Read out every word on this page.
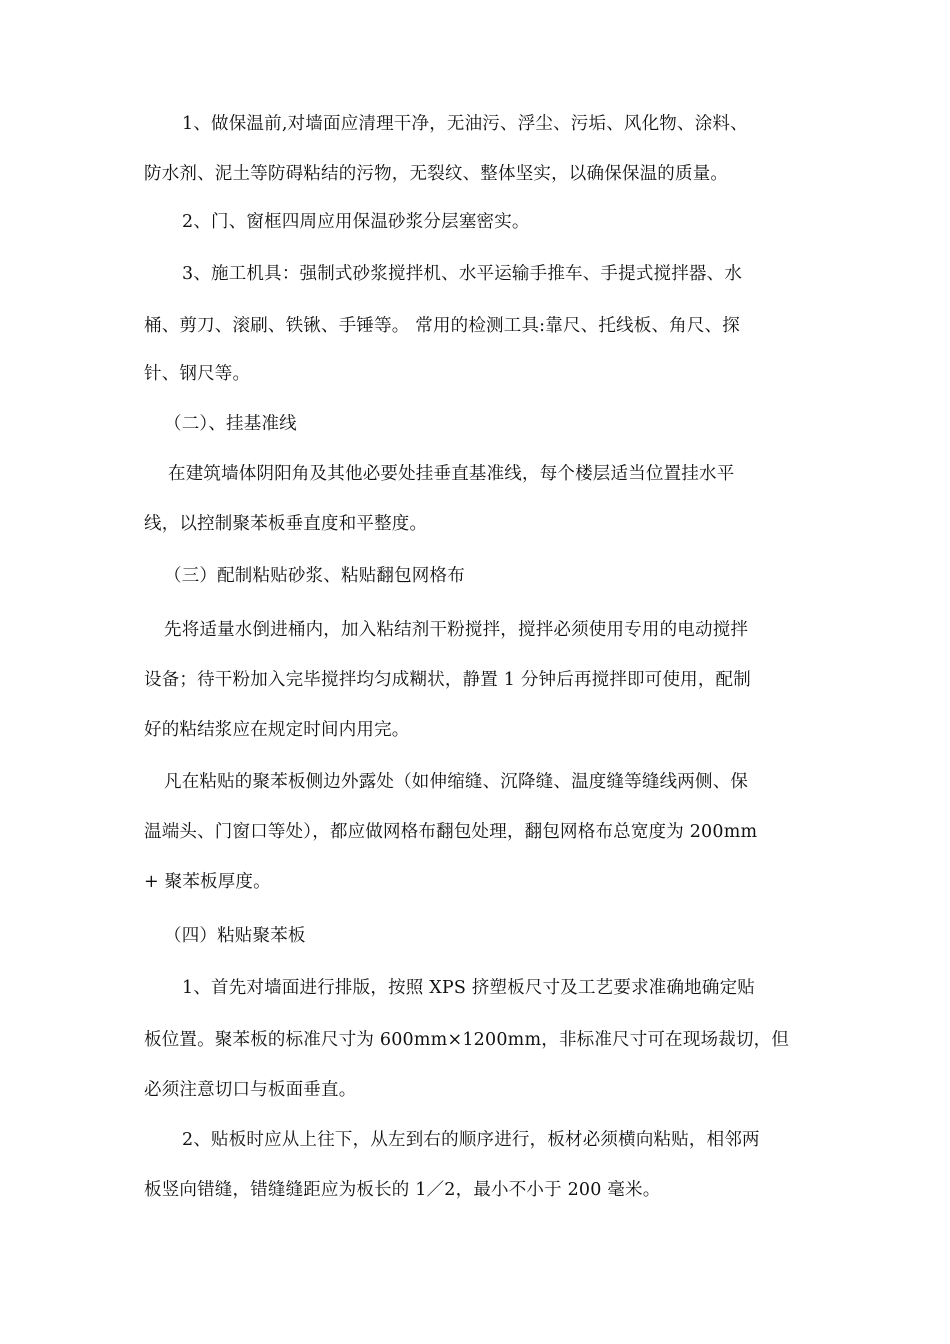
1、做保温前,对墙面应清理干净，无油污、浮尘、污垢、风化物、涂料、
防水剂、泥土等防碍粘结的污物，无裂纹、整体坚实，以确保保温的质量。
2、门、窗框四周应用保温砂浆分层塞密实。
3、施工机具：强制式砂浆搅拌机、水平运输手推车、手提式搅拌器、水
桶、剪刀、滚刷、铁锹、手锤等。 常用的检测工具:靠尺、托线板、角尺、探
针、钢尺等。
（二）、挂基准线
在建筑墙体阴阳角及其他必要处挂垂直基准线，每个楼层适当位置挂水平
线，以控制聚苯板垂直度和平整度。
（三）配制粘贴砂浆、粘贴翻包网格布
先将适量水倒进桶内，加入粘结剂干粉搅拌，搅拌必须使用专用的电动搅拌
设备；待干粉加入完毕搅拌均匀成糊状，静置 1 分钟后再搅拌即可使用，配制
好的粘结浆应在规定时间内用完。
凡在粘贴的聚苯板侧边外露处（如伸缩缝、沉降缝、温度缝等缝线两侧、保
温端头、门窗口等处），都应做网格布翻包处理，翻包网格布总宽度为 200mm
+ 聚苯板厚度。
（四）粘贴聚苯板
1、首先对墙面进行排版，按照 XPS 挤塑板尺寸及工艺要求准确地确定贴
板位置。聚苯板的标准尺寸为 600mm×1200mm，非标准尺寸可在现场裁切，但
必须注意切口与板面垂直。
2、贴板时应从上往下，从左到右的顺序进行，板材必须横向粘贴，相邻两
板竖向错缝，错缝缝距应为板长的 1／2，最小不小于 200 毫米。
